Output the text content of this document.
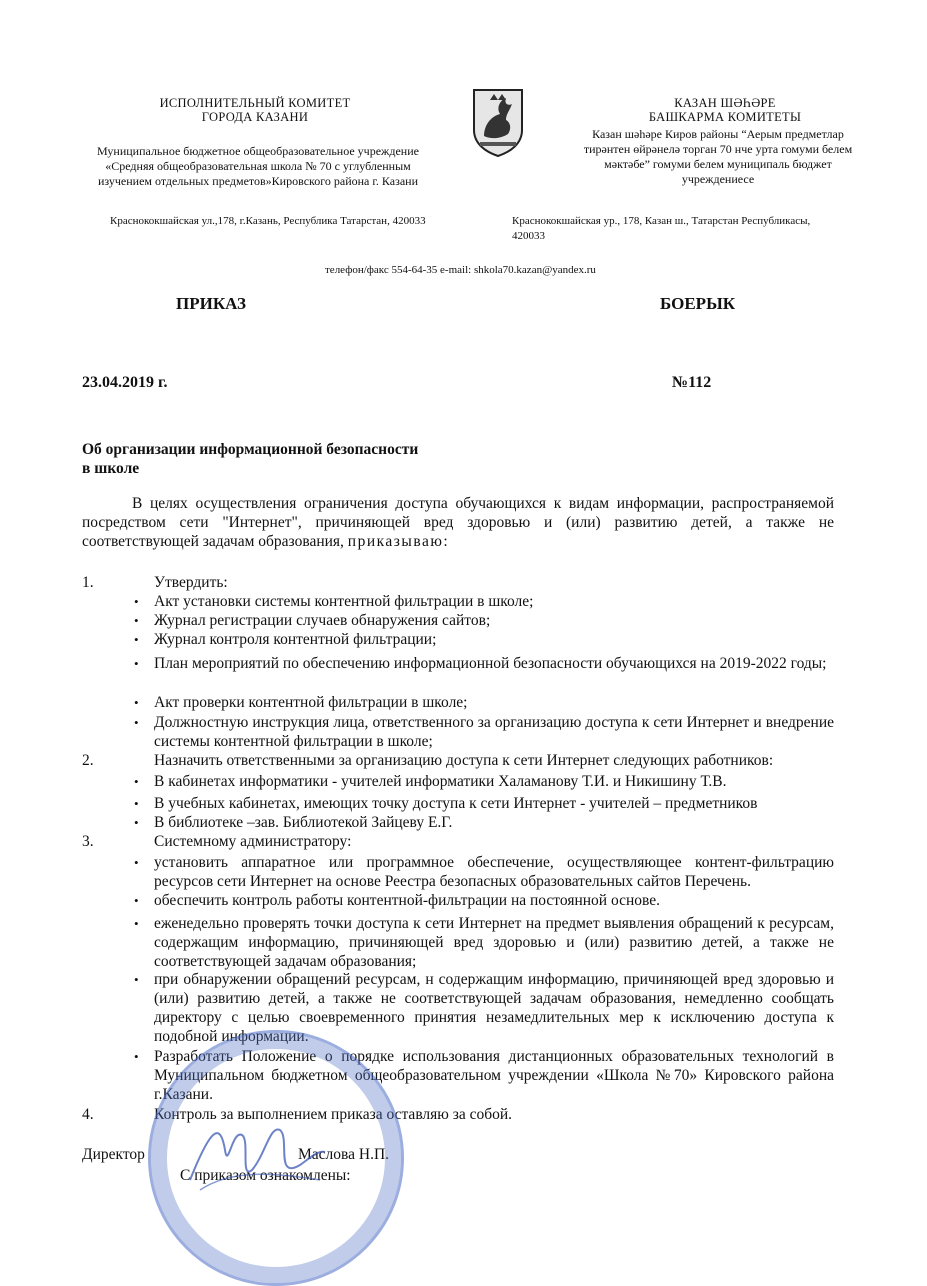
ИСПОЛНИТЕЛЬНЫЙ КОМИТЕТ
ГОРОДА КАЗАНИ
Муниципальное бюджетное общеобразовательное учреждение
«Средняя общеобразовательная школа № 70 с углубленным
изучением отдельных предметов»Кировского района г. Казани
КАЗАН ШӘҺӘРЕ
БАШКАРМА КОМИТЕТЫ
Казан шәһәре Киров районы “Аерым предметлар
тирәнтен өйрәнелә торган 70 нче урта гомуми белем
мәктәбе” гомуми белем муниципаль бюджет
учреждениесе
Краснококшайская ул.,178, г.Казань, Республика Татарстан, 420033	Краснококшайская ур., 178, Казан ш., Татарстан Республикасы,
420033
телефон/факс 554-64-35 e-mail: shkola70.kazan@yandex.ru
ПРИКАЗ	БОЕРЫК
23.04.2019 г.	№112
Об организации информационной безопасности
в школе
В целях осуществления ограничения доступа обучающихся к видам информации, распространяемой посредством сети "Интернет", причиняющей вред здоровью и (или) развитию детей, а также не соответствующей задачам образования, приказываю:
1.	Утвердить:
•
Акт установки системы контентной фильтрации в школе;
•
Журнал регистрации случаев обнаружения сайтов;
•
Журнал контроля контентной фильтрации;
•
План мероприятий по обеспечению информационной безопасности обучающихся на 2019-2022 годы;
•
Акт проверки контентной фильтрации в школе;
•
Должностную инструкция лица, ответственного за организацию доступа к сети Интернет и внедрение системы контентной фильтрации в школе;
2.	Назначить ответственными за организацию доступа к сети Интернет следующих работников:
•
В кабинетах информатики - учителей информатики Халаманову Т.И. и Никишину Т.В.
•
В учебных кабинетах, имеющих точку доступа к сети Интернет - учителей – предметников
•
В библиотеке –зав. Библиотекой Зайцеву Е.Г.
3.	Системному администратору:
•
установить аппаратное или программное обеспечение, осуществляющее контент-фильтрацию ресурсов сети Интернет на основе Реестра безопасных образовательных сайтов Перечень.
•
обеспечить контроль работы контентной-фильтрации на постоянной основе.
•
еженедельно проверять точки доступа к сети Интернет на предмет выявления обращений к ресурсам, содержащим информацию, причиняющей вред здоровью и (или) развитию детей, а также не соответствующей задачам образования;
•
при обнаружении обращений ресурсам, н содержащим информацию, причиняющей вред здоровью и (или) развитию детей, а также не соответствующей задачам образования, немедленно сообщать директору с целью своевременного принятия незамедлительных мер к исключению доступа к подобной информации.
•
Разработать Положение о порядке использования дистанционных образовательных технологий в Муниципальном бюджетном общеобразовательном учреждении «Школа №70» Кировского района г.Казани.
4.	Контроль за выполнением приказа оставляю за собой.
Директор	Маслова Н.П.
С приказом ознакомлены:
